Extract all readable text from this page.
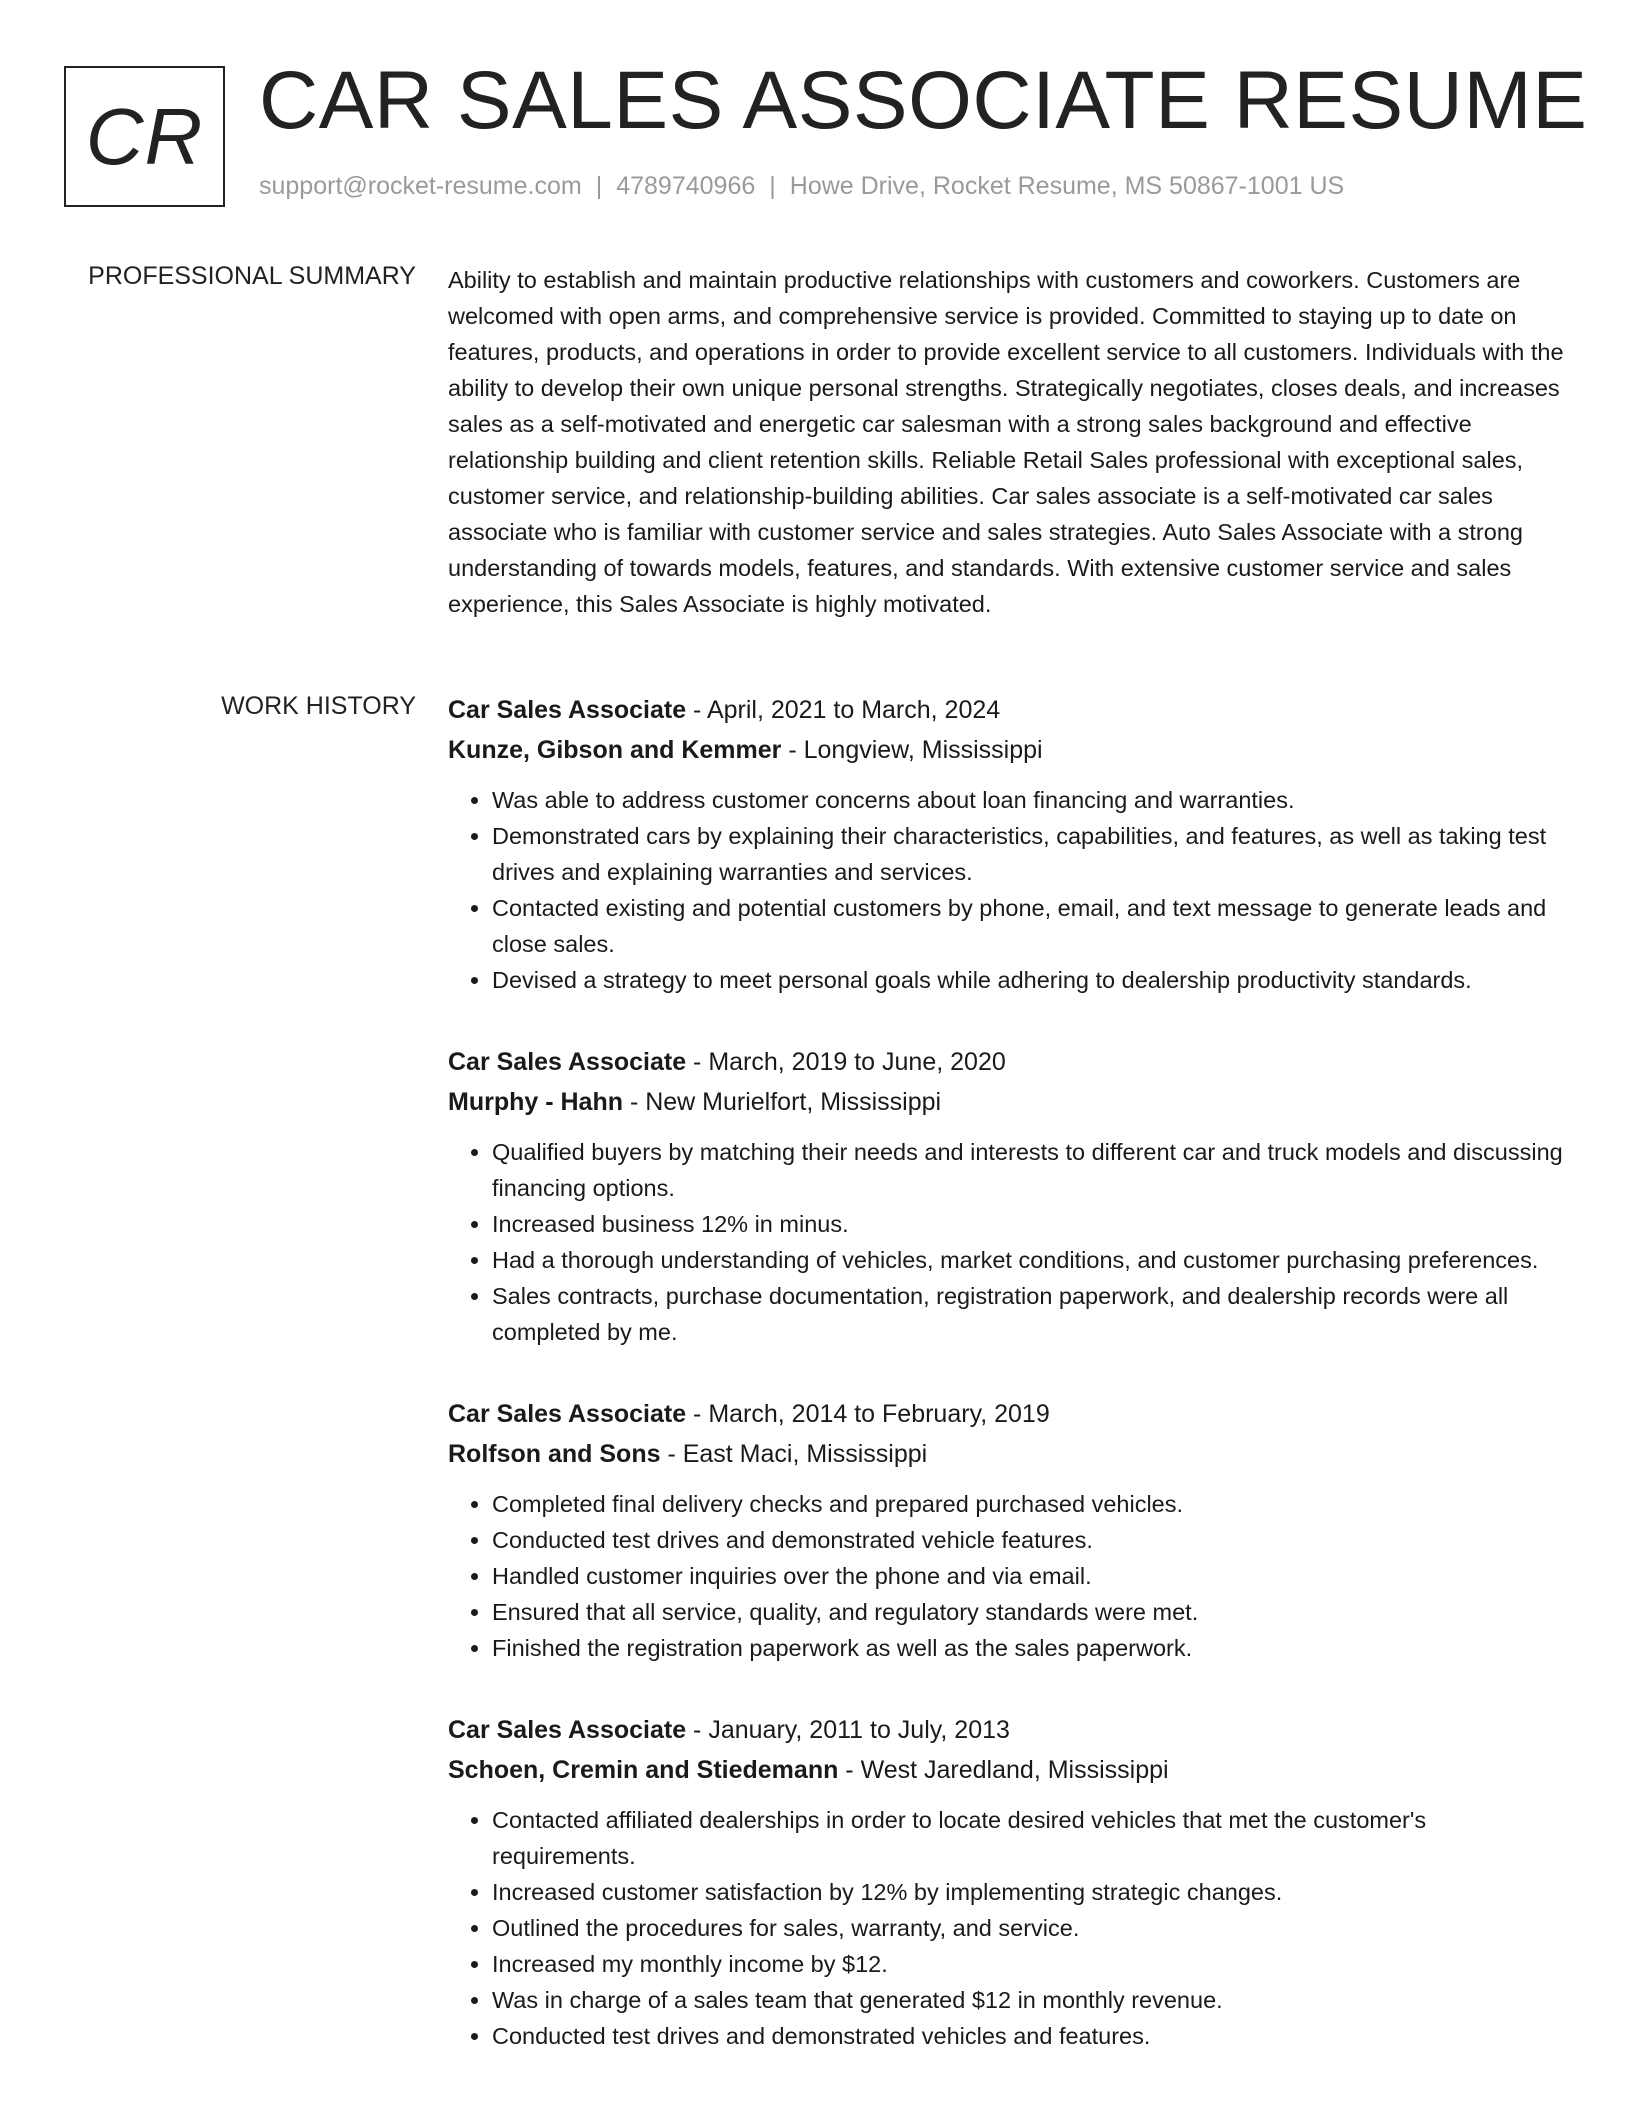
CR CAR SALES ASSOCIATE RESUME
support@rocket-resume.com | 4789740966 | Howe Drive, Rocket Resume, MS 50867-1001 US
PROFESSIONAL SUMMARY Ability to establish and maintain productive relationships with customers and coworkers. Customers are welcomed with open arms, and comprehensive service is provided. Committed to staying up to date on features, products, and operations in order to provide excellent service to all customers. Individuals with the ability to develop their own unique personal strengths. Strategically negotiates, closes deals, and increases sales as a self-motivated and energetic car salesman with a strong sales background and effective relationship building and client retention skills. Reliable Retail Sales professional with exceptional sales, customer service, and relationship-building abilities. Car sales associate is a self-motivated car sales associate who is familiar with customer service and sales strategies. Auto Sales Associate with a strong understanding of towards models, features, and standards. With extensive customer service and sales experience, this Sales Associate is highly motivated.

WORK HISTORY Car Sales Associate - April, 2021 to March, 2024
Kunze, Gibson and Kemmer - Longview, Mississippi
• Was able to address customer concerns about loan financing and warranties.
• Demonstrated cars by explaining their characteristics, capabilities, and features, as well as taking test drives and explaining warranties and services.
• Contacted existing and potential customers by phone, email, and text message to generate leads and close sales.
• Devised a strategy to meet personal goals while adhering to dealership productivity standards.
Car Sales Associate - March, 2019 to June, 2020
Murphy - Hahn - New Murielfort, Mississippi
• Qualified buyers by matching their needs and interests to different car and truck models and discussing financing options.
• Increased business 12% in minus.
• Had a thorough understanding of vehicles, market conditions, and customer purchasing preferences.
• Sales contracts, purchase documentation, registration paperwork, and dealership records were all completed by me.
Car Sales Associate - March, 2014 to February, 2019
Rolfson and Sons - East Maci, Mississippi
• Completed final delivery checks and prepared purchased vehicles.
• Conducted test drives and demonstrated vehicle features.
• Handled customer inquiries over the phone and via email.
• Ensured that all service, quality, and regulatory standards were met.
• Finished the registration paperwork as well as the sales paperwork.
Car Sales Associate - January, 2011 to July, 2013
Schoen, Cremin and Stiedemann - West Jaredland, Mississippi
• Contacted affiliated dealerships in order to locate desired vehicles that met the customer's requirements.
• Increased customer satisfaction by 12% by implementing strategic changes.
• Outlined the procedures for sales, warranty, and service.
• Increased my monthly income by $12.
• Was in charge of a sales team that generated $12 in monthly revenue.
• Conducted test drives and demonstrated vehicles and features.
